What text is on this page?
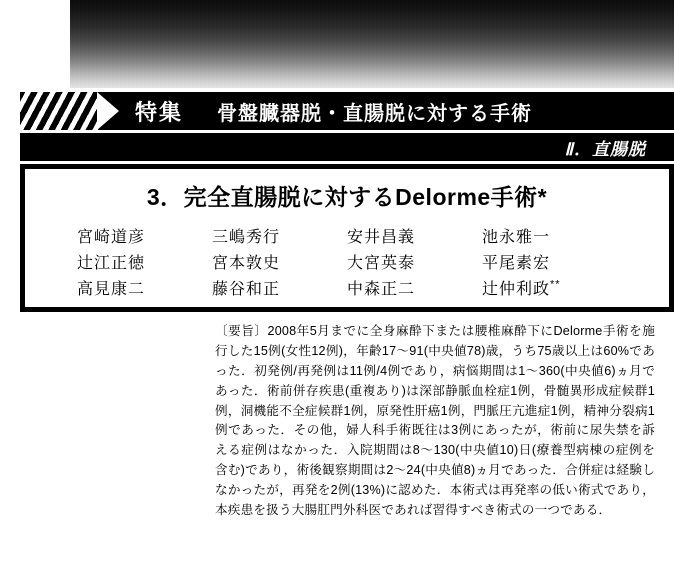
特集 骨盤臓器脱・直腸脱に対する手術
Ⅱ．直腸脱
3．完全直腸脱に対するDelorme手術*
宮崎道彦	三嶋秀行	安井昌義	池永雅一
辻江正徳	宮本敦史	大宮英泰	平尾素宏
高見康二	藤谷和正	中森正二	辻仲利政**

〔要旨〕2008年5月までに全身麻酔下または腰椎麻酔下にDelorme手術を施行した15例(女性12例)，年齢17〜91(中央値78)歳，うち75歳以上は60%であった．初発例/再発例は11例/4例であり，病悩期間は1〜360(中央値6)ヵ月であった．術前併存疾患(重複あり)は深部静脈血栓症1例，骨髄異形成症候群1例，洞機能不全症候群1例，原発性肝癌1例，門脈圧亢進症1例，精神分裂病1例であった．その他，婦人科手術既往は3例にあったが，術前に尿失禁を訴える症例はなかった．入院期間は8〜130(中央値10)日(療養型病棟の症例を含む)であり，術後観察期間は2〜24(中央値8)ヵ月であった．合併症は経験しなかったが，再発を2例(13%)に認めた．本術式は再発率の低い術式であり，本疾患を扱う大腸肛門外科医であれば習得すべき術式の一つである．
